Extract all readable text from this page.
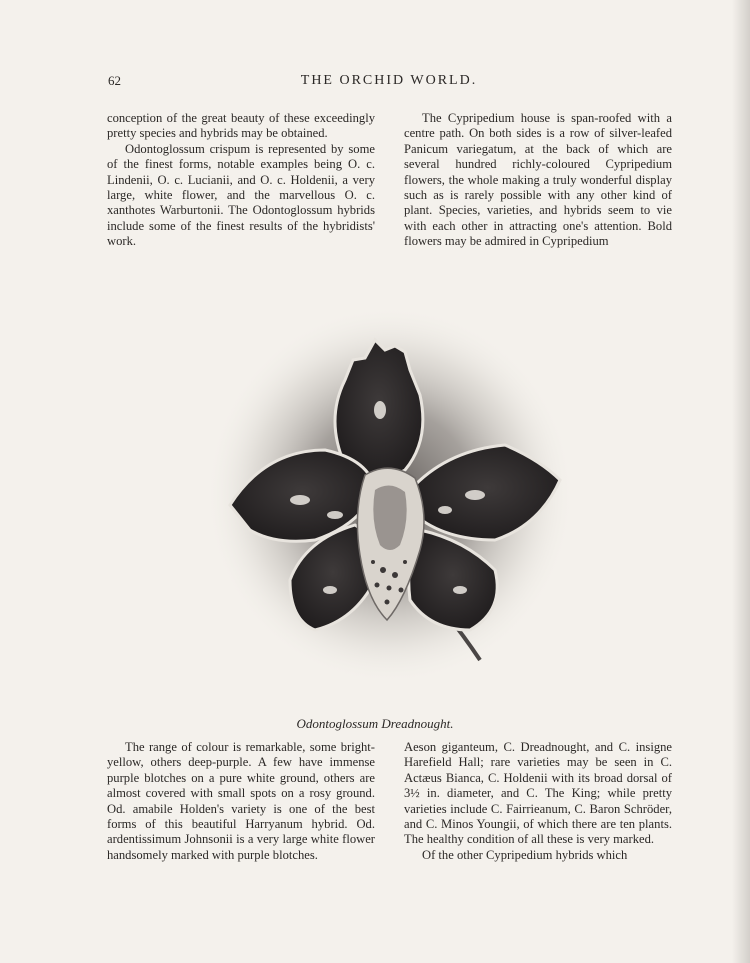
62	THE ORCHID WORLD.

conception of the great beauty of these exceedingly pretty species and hybrids may be obtained.

Odontoglossum crispum is represented by some of the finest forms, notable examples being O. c. Lindenii, O. c. Lucianii, and O. c. Holdenii, a very large, white flower, and the marvellous O. c. xanthotes Warburtonii. The Odontoglossum hybrids include some of the finest results of the hybridists' work.

The Cypripedium house is span-roofed with a centre path. On both sides is a row of silver-leafed Panicum variegatum, at the back of which are several hundred richly-coloured Cypripedium flowers, the whole making a truly wonderful display such as is rarely possible with any other kind of plant. Species, varieties, and hybrids seem to vie with each other in attracting one's attention. Bold flowers may be admired in Cypripedium

Odontoglossum Dreadnought.

The range of colour is remarkable, some bright-yellow, others deep-purple. A few have immense purple blotches on a pure white ground, others are almost covered with small spots on a rosy ground. Od. amabile Holden's variety is one of the best forms of this beautiful Harryanum hybrid. Od. ardentissimum Johnsonii is a very large white flower handsomely marked with purple blotches.

Aeson giganteum, C. Dreadnought, and C. insigne Harefield Hall; rare varieties may be seen in C. Actæus Bianca, C. Holdenii with its broad dorsal of 3½ in. diameter, and C. The King; while pretty varieties include C. Fairrieanum, C. Baron Schröder, and C. Minos Youngii, of which there are ten plants. The healthy condition of all these is very marked.

Of the other Cypripedium hybrids which
